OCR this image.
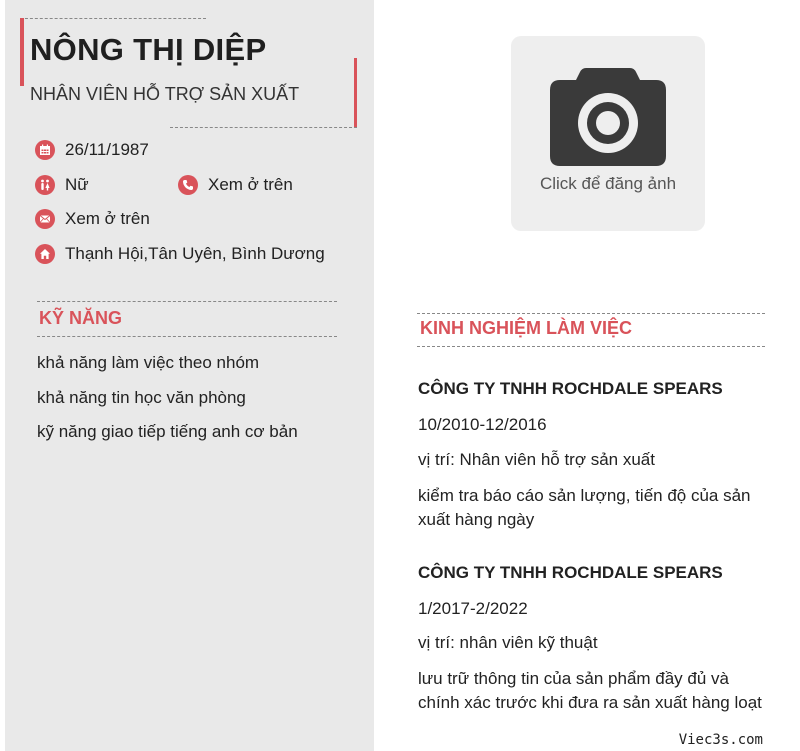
NÔNG THỊ DIỆP
NHÂN VIÊN HỖ TRỢ SẢN XUẤT
26/11/1987
Nữ	Xem ở trên
Xem ở trên
Thạnh Hội,Tân Uyên, Bình Dương
KỸ NĂNG
khả năng làm việc theo nhóm
khả năng tin học văn phòng
kỹ năng giao tiếp tiếng anh cơ bản
Click để đăng ảnh
KINH NGHIỆM LÀM VIỆC
CÔNG TY TNHH ROCHDALE SPEARS
10/2010-12/2016
vị trí: Nhân viên hỗ trợ sản xuất
kiểm tra báo cáo sản lượng, tiến độ của sản xuất hàng ngày
CÔNG TY TNHH ROCHDALE SPEARS
1/2017-2/2022
vị trí: nhân viên kỹ thuật
lưu trữ thông tin của sản phẩm đầy đủ và chính xác trước khi đưa ra sản xuất hàng loạt
Viec3s.com
